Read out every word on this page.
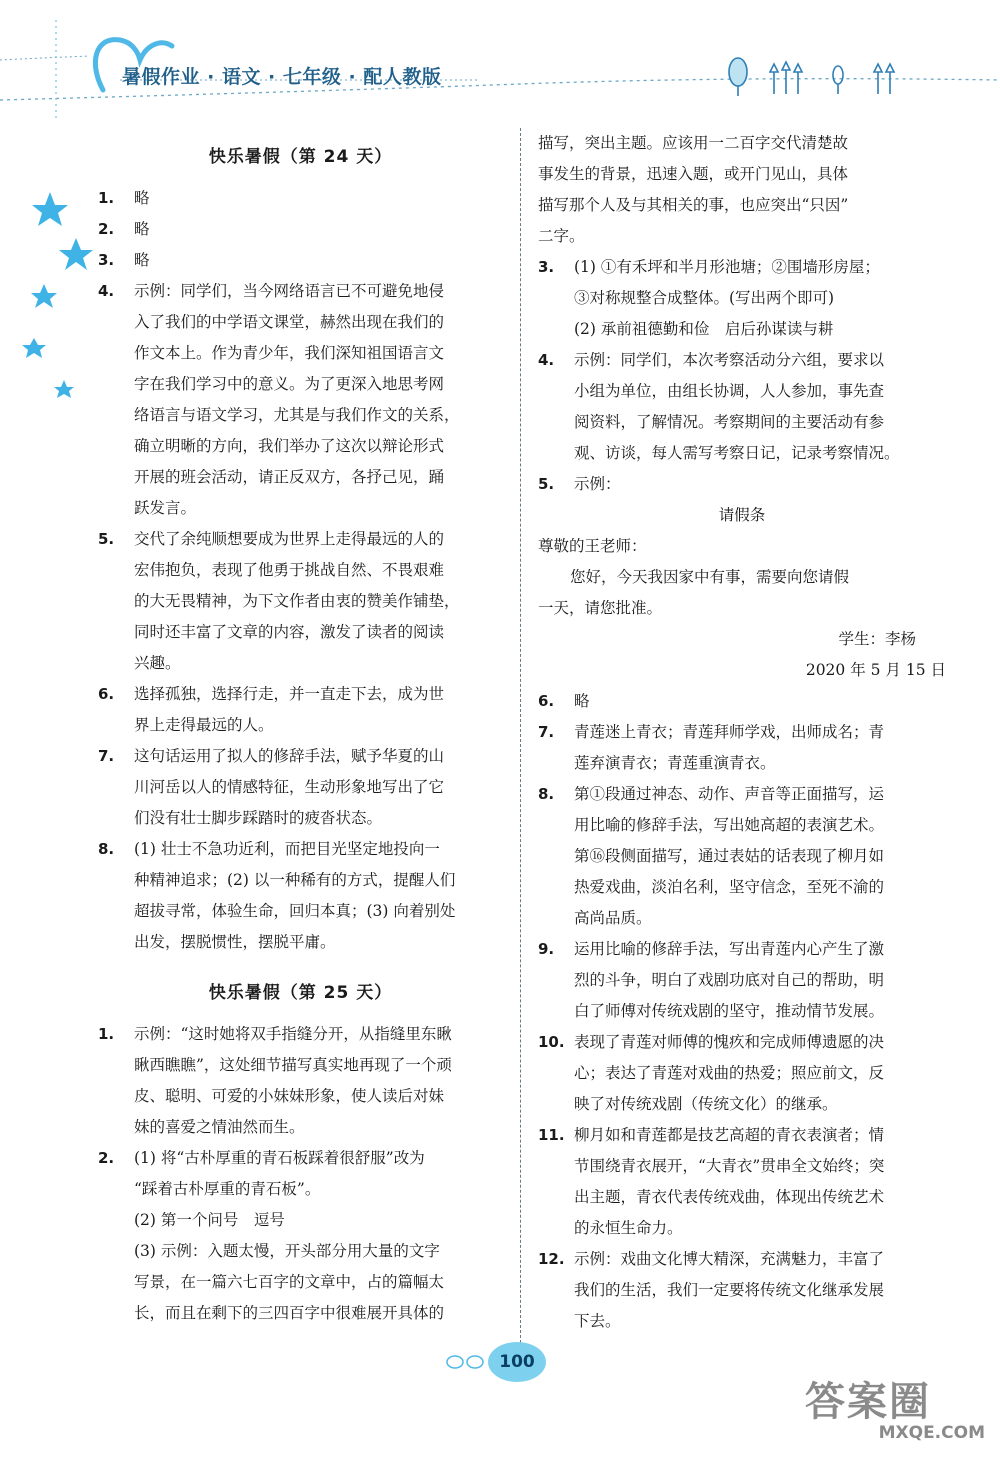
暑假作业 · 语文 · 七年级 · 配人教版
快乐暑假（第 24 天）
1. 略
2. 略
3. 略
4. 示例：同学们，当今网络语言已不可避免地侵
入了我们的中学语文课堂，赫然出现在我们的
作文本上。作为青少年，我们深知祖国语言文
字在我们学习中的意义。为了更深入地思考网
络语言与语文学习，尤其是与我们作文的关系，
确立明晰的方向，我们举办了这次以辩论形式
开展的班会活动，请正反双方，各抒己见，踊
跃发言。
5. 交代了余纯顺想要成为世界上走得最远的人的
宏伟抱负，表现了他勇于挑战自然、不畏艰难
的大无畏精神，为下文作者由衷的赞美作铺垫，
同时还丰富了文章的内容，激发了读者的阅读
兴趣。
6. 选择孤独，选择行走，并一直走下去，成为世
界上走得最远的人。
7. 这句话运用了拟人的修辞手法，赋予华夏的山
川河岳以人的情感特征，生动形象地写出了它
们没有壮士脚步踩踏时的疲沓状态。
8. (1) 壮士不急功近利，而把目光坚定地投向一
种精神追求；(2) 以一种稀有的方式，提醒人们
超拔寻常，体验生命，回归本真；(3) 向着别处
出发，摆脱惯性，摆脱平庸。
快乐暑假（第 25 天）
1. 示例：“这时她将双手指缝分开，从指缝里东瞅
瞅西瞧瞧”，这处细节描写真实地再现了一个顽
皮、聪明、可爱的小妹妹形象，使人读后对妹
妹的喜爱之情油然而生。
2. (1) 将“古朴厚重的青石板踩着很舒服”改为
“踩着古朴厚重的青石板”。
(2) 第一个问号　逗号
(3) 示例：入题太慢，开头部分用大量的文字
写景，在一篇六七百字的文章中，占的篇幅太
长，而且在剩下的三四百字中很难展开具体的
描写，突出主题。应该用一二百字交代清楚故
事发生的背景，迅速入题，或开门见山，具体
描写那个人及与其相关的事，也应突出“只因”
二字。
3. (1) ①有禾坪和半月形池塘；②围墙形房屋；
③对称规整合成整体。(写出两个即可)
(2) 承前祖德勤和俭　启后孙谋读与耕
4. 示例：同学们，本次考察活动分六组，要求以
小组为单位，由组长协调，人人参加，事先查
阅资料，了解情况。考察期间的主要活动有参
观、访谈，每人需写考察日记，记录考察情况。
5. 示例：
请假条
尊敬的王老师：
您好，今天我因家中有事，需要向您请假
一天，请您批准。
学生：李杨
2020 年 5 月 15 日
6. 略
7. 青莲迷上青衣；青莲拜师学戏，出师成名；青
莲弃演青衣；青莲重演青衣。
8. 第①段通过神态、动作、声音等正面描写，运
用比喻的修辞手法，写出她高超的表演艺术。
第⑯段侧面描写，通过表姑的话表现了柳月如
热爱戏曲，淡泊名利，坚守信念，至死不渝的
高尚品质。
9. 运用比喻的修辞手法，写出青莲内心产生了激
烈的斗争，明白了戏剧功底对自己的帮助，明
白了师傅对传统戏剧的坚守，推动情节发展。
10. 表现了青莲对师傅的愧疚和完成师傅遗愿的决
心；表达了青莲对戏曲的热爱；照应前文，反
映了对传统戏剧（传统文化）的继承。
11. 柳月如和青莲都是技艺高超的青衣表演者；情
节围绕青衣展开，“大青衣”贯串全文始终；突
出主题，青衣代表传统戏曲，体现出传统艺术
的永恒生命力。
12. 示例：戏曲文化博大精深，充满魅力，丰富了
我们的生活，我们一定要将传统文化继承发展
下去。
100
答案圈
MXQE.COM
